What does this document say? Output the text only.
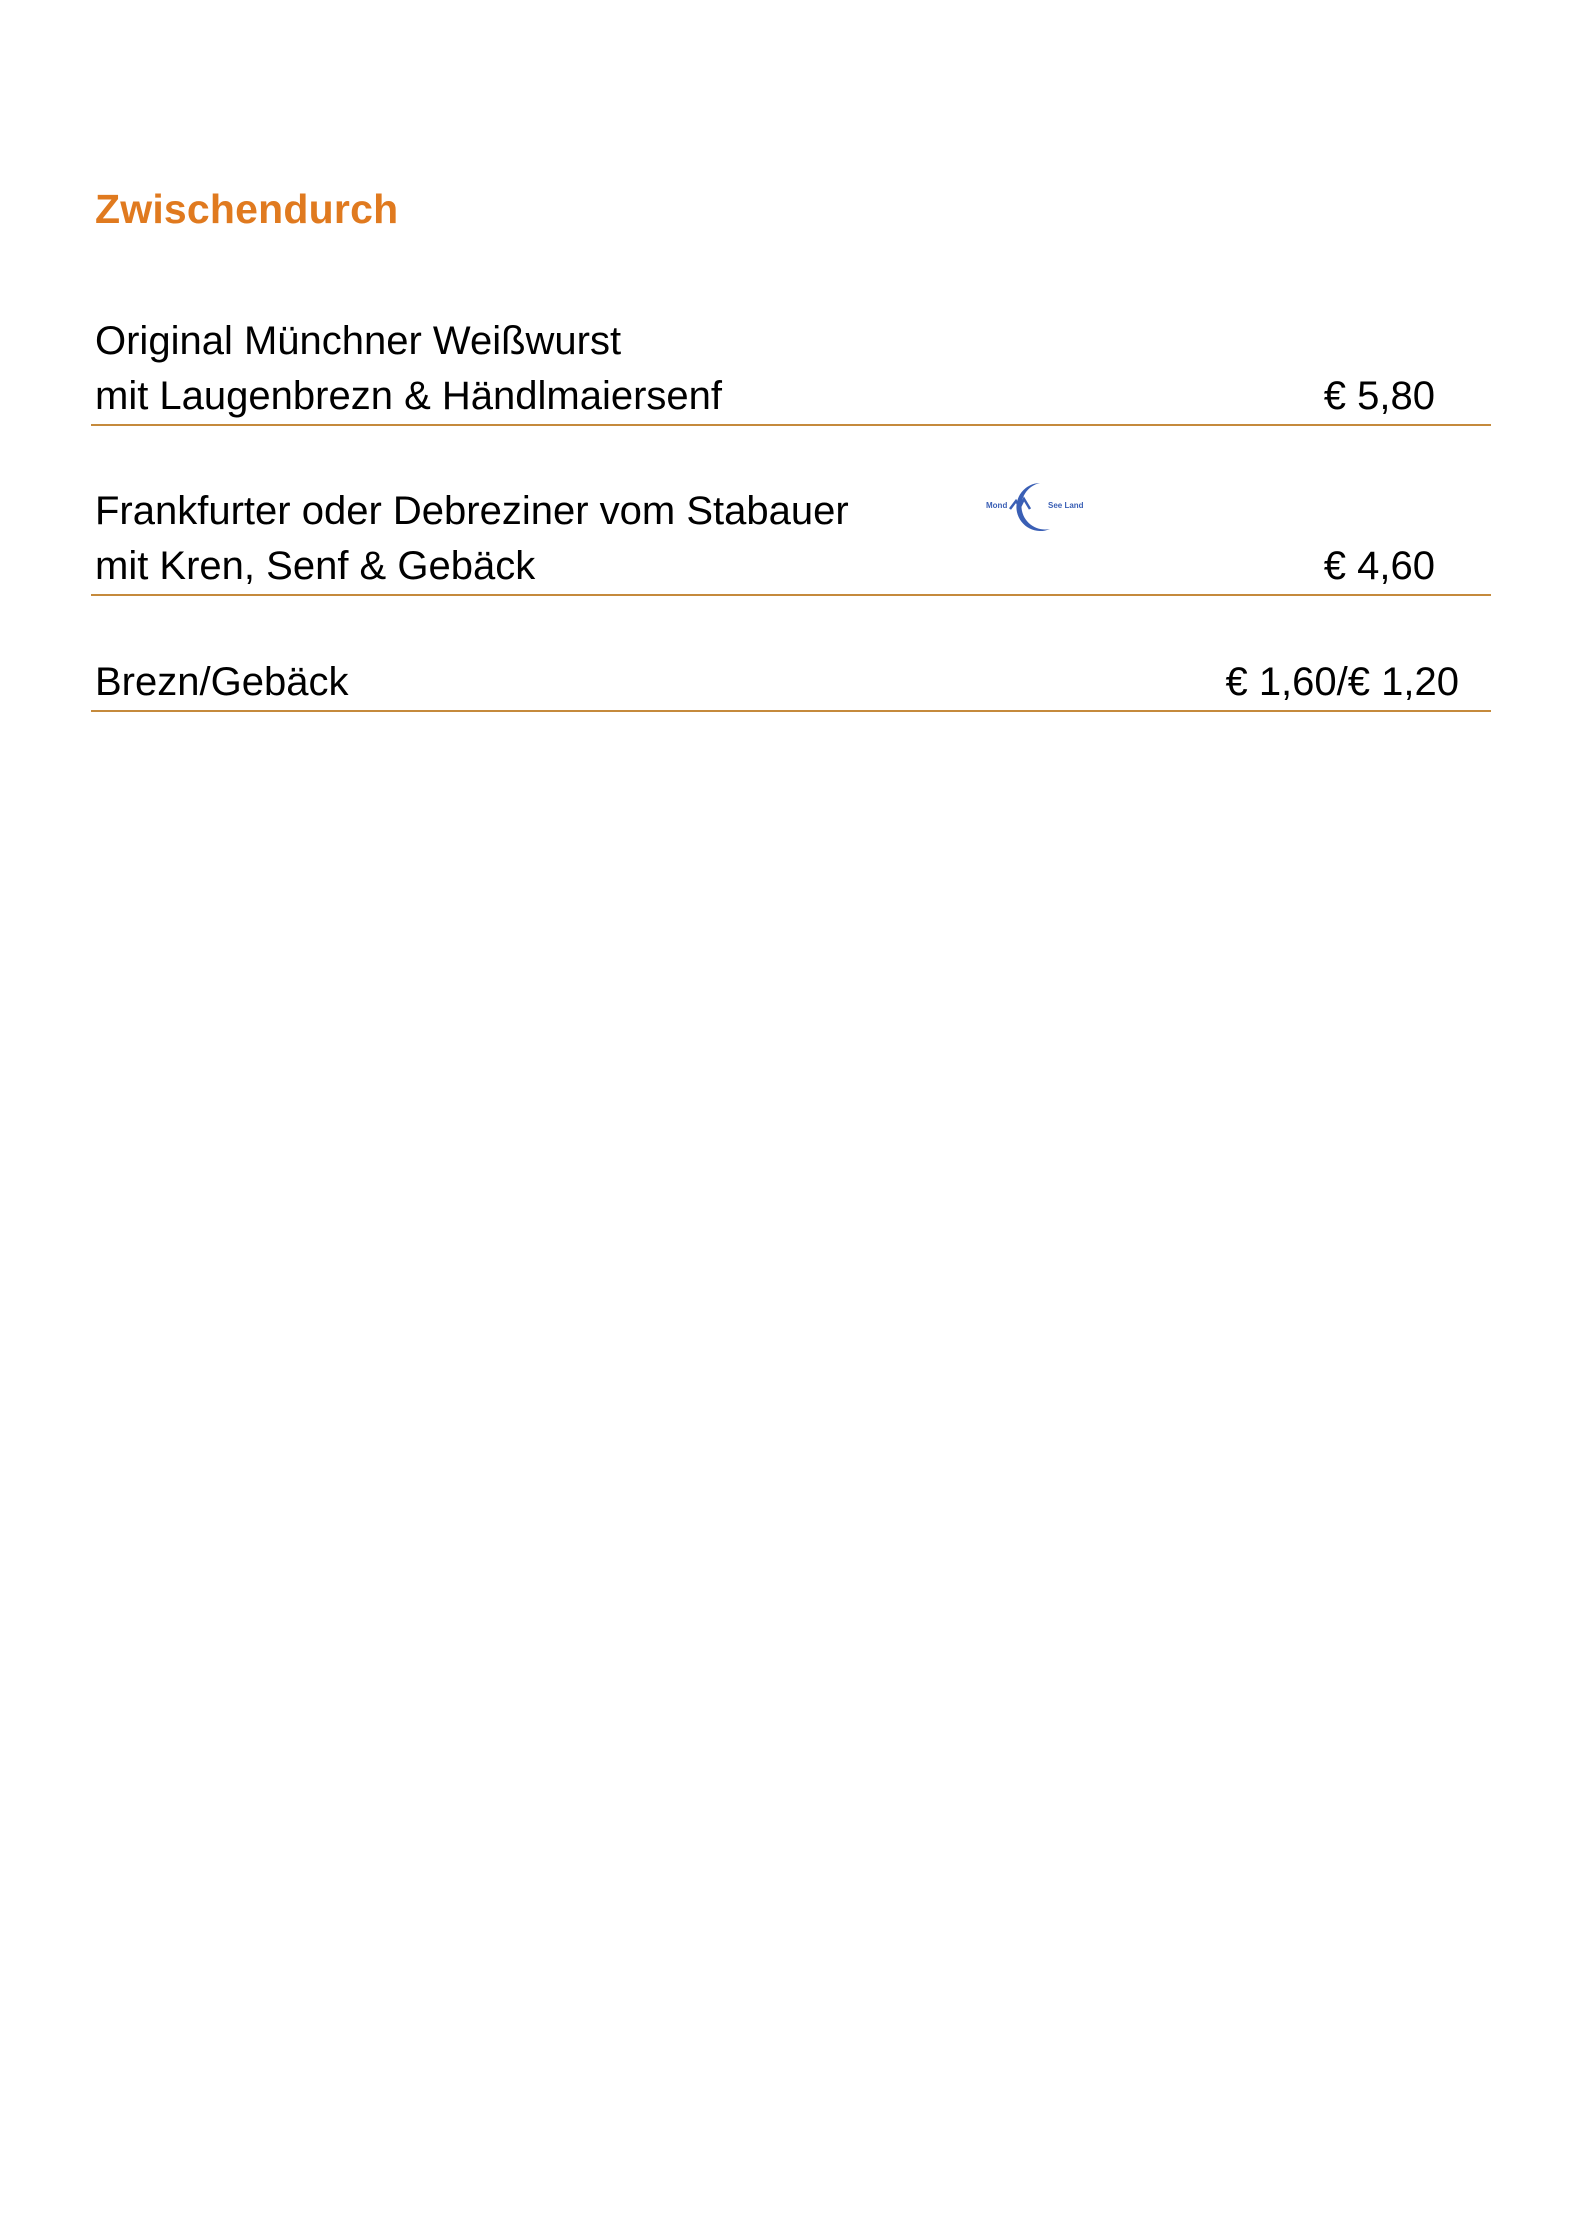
Zwischendurch
Original Münchner Weißwurst
mit Laugenbrezn & Händlmaiersenf	€ 5,80
Frankfurter oder Debreziner vom Stabauer
mit Kren, Senf & Gebäck	€ 4,60
Mond	See Land
Brezn/Gebäck	€ 1,60/€ 1,20
